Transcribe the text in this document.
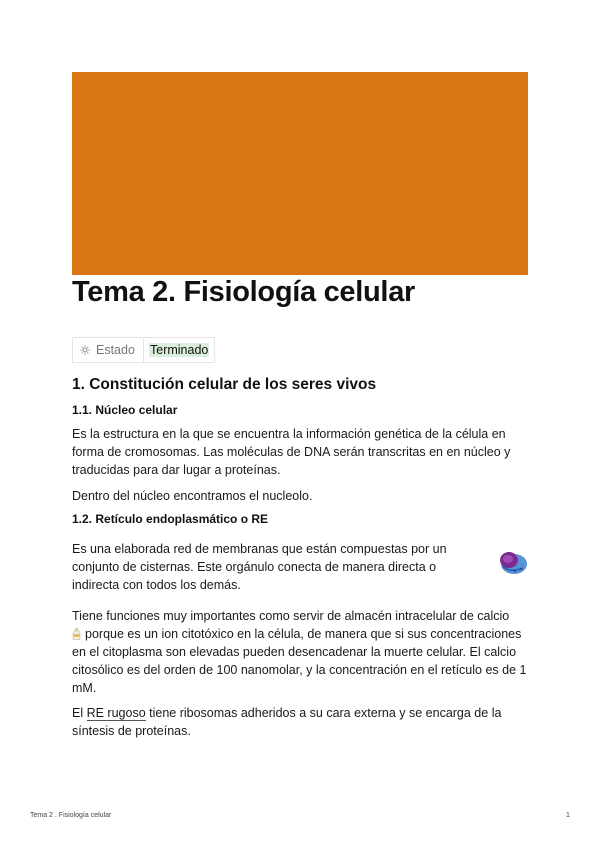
Tema 2. Fisiología celular
Estado Terminado
1. Constitución celular de los seres vivos
1.1. Núcleo celular

Es la estructura en la que se encuentra la información genética de la célula en forma de cromosomas. Las moléculas de DNA serán transcritas en en núcleo y traducidas para dar lugar a proteínas.

Dentro del núcleo encontramos el nucleolo.

1.2. Retículo endoplasmático o RE

Es una elaborada red de membranas que están compuestas por un conjunto de cisternas. Este orgánulo conecta de manera directa o indirecta con todos los demás.

Tiene funciones muy importantes como servir de almacén intracelular de calcio
porque es un ion citotóxico en la célula, de manera que si sus concentraciones en el citoplasma son elevadas pueden desencadenar la muerte celular. El calcio citosólico es del orden de 100 nanomolar, y la concentración en el retículo es de 1 mM.

El RE rugoso tiene ribosomas adheridos a su cara externa y se encarga de la síntesis de proteínas.

Tema 2 . Fisiología celular	1
